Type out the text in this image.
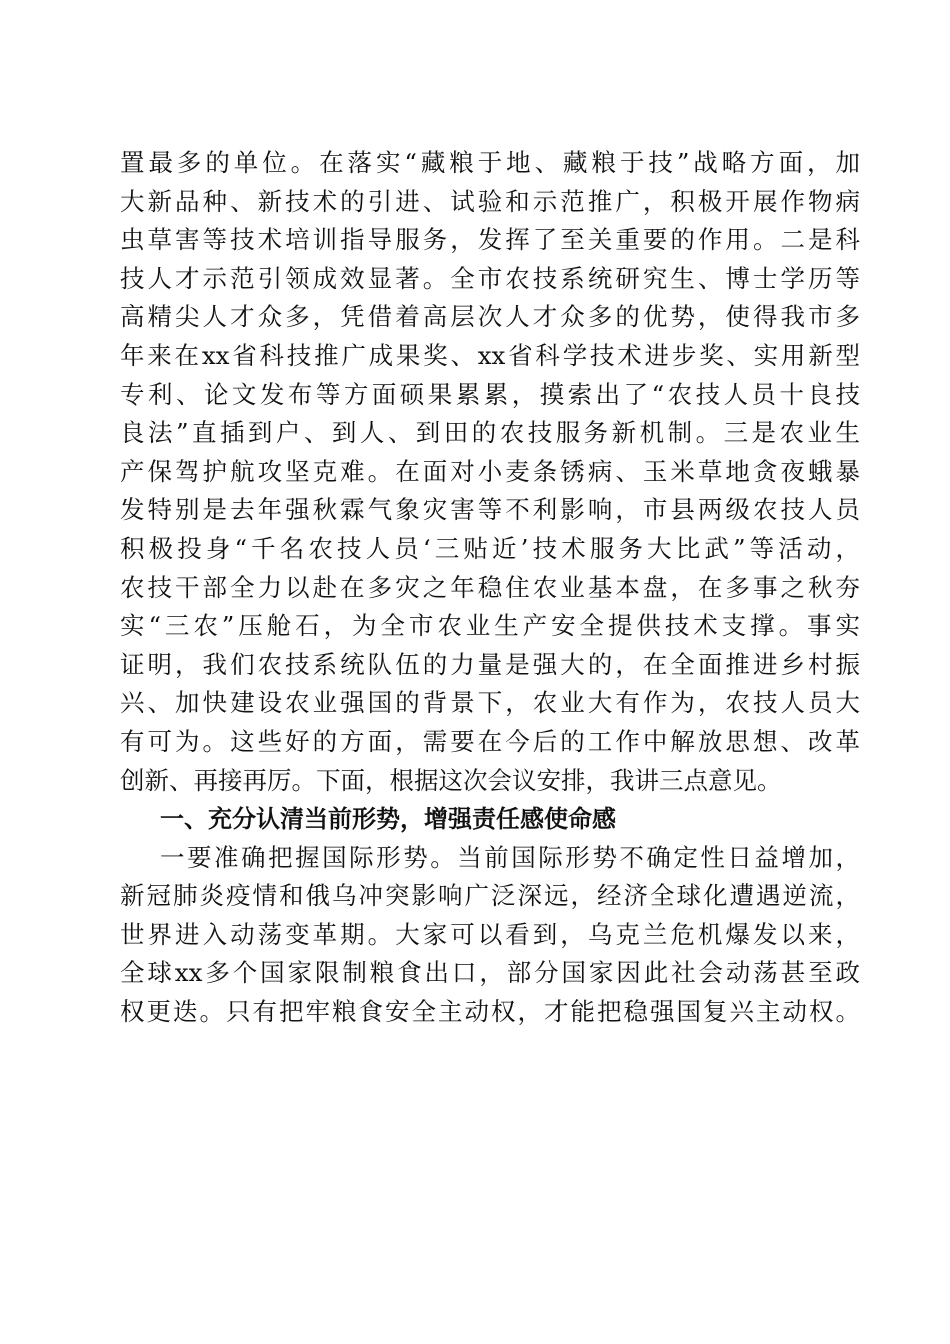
置最多的单位。在落实“藏粮于地、藏粮于技”战略方面，加
大新品种、新技术的引进、试验和示范推广，积极开展作物病
虫草害等技术培训指导服务，发挥了至关重要的作用。二是科
技人才示范引领成效显著。全市农技系统研究生、博士学历等
高精尖人才众多，凭借着高层次人才众多的优势，使得我市多
年来在xx省科技推广成果奖、xx省科学技术进步奖、实用新型
专利、论文发布等方面硕果累累，摸索出了“农技人员十良技
良法”直插到户、到人、到田的农技服务新机制。三是农业生
产保驾护航攻坚克难。在面对小麦条锈病、玉米草地贪夜蛾暴
发特别是去年强秋霖气象灾害等不利影响，市县两级农技人员
积极投身“千名农技人员‘三贴近’技术服务大比武”等活动，
农技干部全力以赴在多灾之年稳住农业基本盘，在多事之秋夯
实“三农”压舱石，为全市农业生产安全提供技术支撑。事实
证明，我们农技系统队伍的力量是强大的，在全面推进乡村振
兴、加快建设农业强国的背景下，农业大有作为，农技人员大
有可为。这些好的方面，需要在今后的工作中解放思想、改革
创新、再接再厉。下面，根据这次会议安排，我讲三点意见。
一、充分认清当前形势，增强责任感使命感
一要准确把握国际形势。当前国际形势不确定性日益增加，
新冠肺炎疫情和俄乌冲突影响广泛深远，经济全球化遭遇逆流，
世界进入动荡变革期。大家可以看到，乌克兰危机爆发以来，
全球xx多个国家限制粮食出口，部分国家因此社会动荡甚至政
权更迭。只有把牢粮食安全主动权，才能把稳强国复兴主动权。
